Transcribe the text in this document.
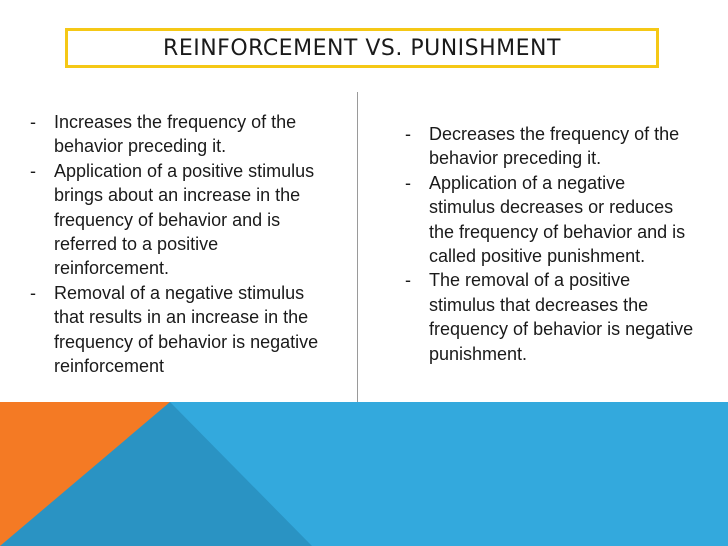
REINFORCEMENT VS. PUNISHMENT
- Increases the frequency of the behavior preceding it.
- Application of a positive stimulus brings about an increase in the frequency of behavior and is referred to a positive reinforcement.
- Removal of a negative stimulus that results in an increase in the frequency of behavior is negative reinforcement
- Decreases the frequency of the behavior preceding it.
- Application of a negative stimulus decreases or reduces the frequency of behavior and is called positive punishment.
- The removal of a positive stimulus that decreases the frequency of behavior is negative punishment.
